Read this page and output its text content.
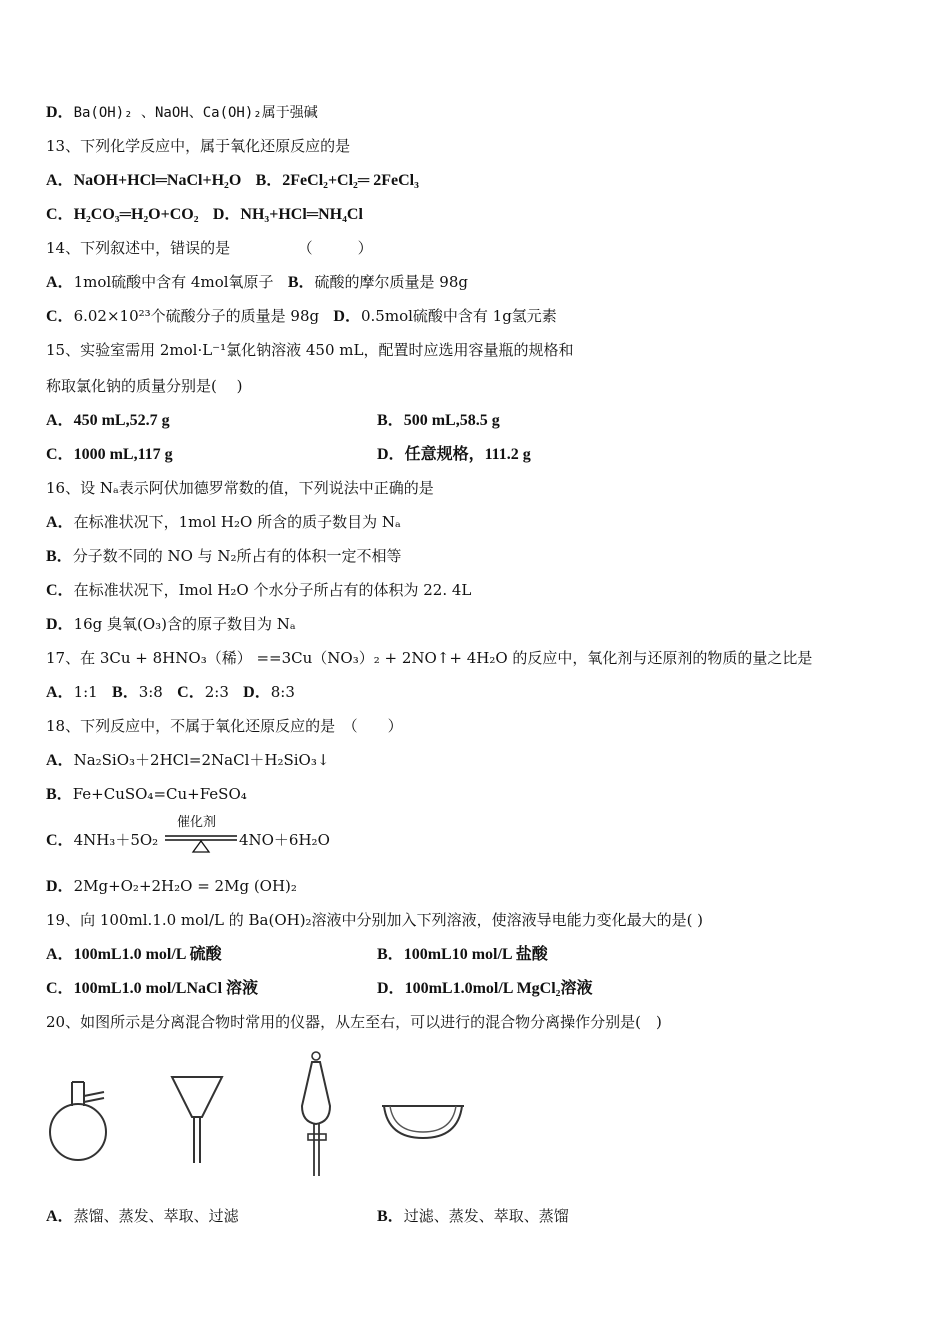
D．Ba(OH)₂ 、NaOH、Ca(OH)₂属于强碱
13、下列化学反应中，属于氧化还原反应的是
A．NaOH+HCl═NaCl+H₂O B．2FeCl₂+Cl₂═ 2FeCl₃
C．H₂CO₃═H₂O+CO₂ D．NH₃+HCl═NH₄Cl
14、下列叙述中，错误的是　　　　　（　　　）
A．1mol硫酸中含有 4mol氧原子 B．硫酸的摩尔质量是 98g
C．6.02×10²³个硫酸分子的质量是 98g D．0.5mol硫酸中含有 1g氢元素
15、实验室需用 2mol·L⁻¹氯化钠溶液 450 mL，配置时应选用容量瓶的规格和
称取氯化钠的质量分别是(　 )
A．450 mL,52.7 g	B．500 mL,58.5 g
C．1000 mL,117 g	D．任意规格，111.2 g
16、设 Nₐ表示阿伏加德罗常数的值，下列说法中正确的是
A．在标准状况下，1mol H₂O 所含的质子数目为 Nₐ
B．分子数不同的 NO 与 N₂所占有的体积一定不相等
C．在标准状况下，Imol H₂O 个水分子所占有的体积为 22. 4L
D．16g 臭氧(O₃)含的原子数目为 Nₐ
17、在 3Cu + 8HNO₃（稀） ==3Cu（NO₃）₂ + 2NO↑+ 4H₂O 的反应中，氧化剂与还原剂的物质的量之比是
A．1:1 B．3:8 C．2:3 D．8:3
18、下列反应中，不属于氧化还原反应的是　（　　）
A．Na₂SiO₃＋2HCl=2NaCl＋H₂SiO₃↓
B．Fe+CuSO₄=Cu+FeSO₄
C．4NH₃＋5O₂
催化剂
4NO＋6H₂O
D．2Mg+O₂+2H₂O = 2Mg (OH)₂
19、向 100ml.1.0 mol/L 的 Ba(OH)₂溶液中分别加入下列溶液，使溶液导电能力变化最大的是( )
A．100mL1.0 mol/L 硫酸	B．100mL10 mol/L 盐酸
C．100mL1.0 mol/LNaCl 溶液	D．100mL1.0mol/L MgCl₂溶液
20、如图所示是分离混合物时常用的仪器，从左至右，可以进行的混合物分离操作分别是(　)
A．蒸馏、蒸发、萃取、过滤	B．过滤、蒸发、萃取、蒸馏
